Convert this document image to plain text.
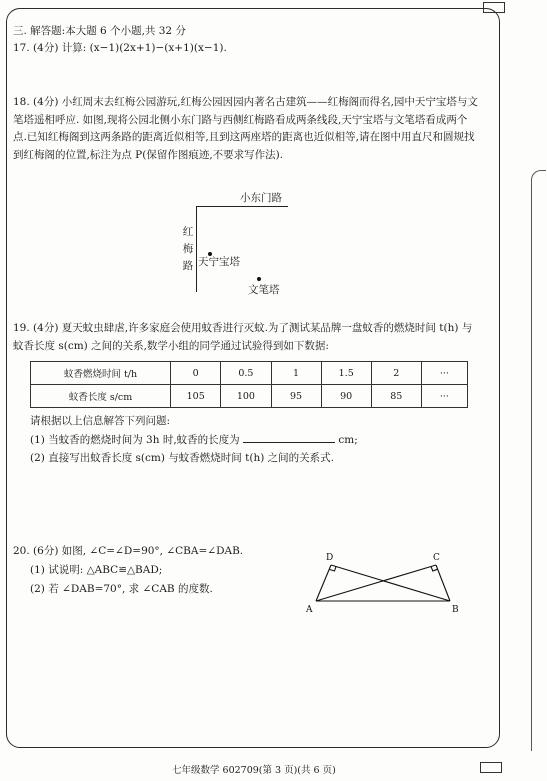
三. 解答题:本大题 6 个小题,共 32 分
17. (4分) 计算: (x−1)(2x+1)−(x+1)(x−1).
18. (4分) 小红周末去红梅公园游玩,红梅公园因园内著名古建筑——红梅阁而得名,园中天宁宝塔与文笔塔遥相呼应. 如图,现将公园北侧小东门路与西侧红梅路看成两条线段,天宁宝塔与文笔塔看成两个点.已知红梅阁到这两条路的距离近似相等,且到这两座塔的距离也近似相等,请在图中用直尺和圆规找到红梅阁的位置,标注为点 P(保留作图痕迹,不要求写作法).
小东门路
红梅路 天宁宝塔
文笔塔
19. (4分) 夏天蚊虫肆虐,许多家庭会使用蚊香进行灭蚊.为了测试某品牌一盘蚊香的燃烧时间 t(h) 与蚊香长度 s(cm) 之间的关系,数学小组的同学通过试验得到如下数据:
蚊香燃烧时间 t/h	0	0.5	1	1.5	2	···
蚊香长度 s/cm	105	100	95	90	85	···
请根据以上信息解答下列问题:
(1) 当蚊香的燃烧时间为 3h 时,蚊香的长度为	cm;
(2) 直接写出蚊香长度 s(cm) 与蚊香燃烧时间 t(h) 之间的关系式.
20. (6分) 如图, ∠C=∠D=90°, ∠CBA=∠DAB.
(1) 试说明: △ABC≌△BAD;
(2) 若 ∠DAB=70°, 求 ∠CAB 的度数.
D	C
A	B
七年级数学 602709(第 3 页)(共 6 页)
